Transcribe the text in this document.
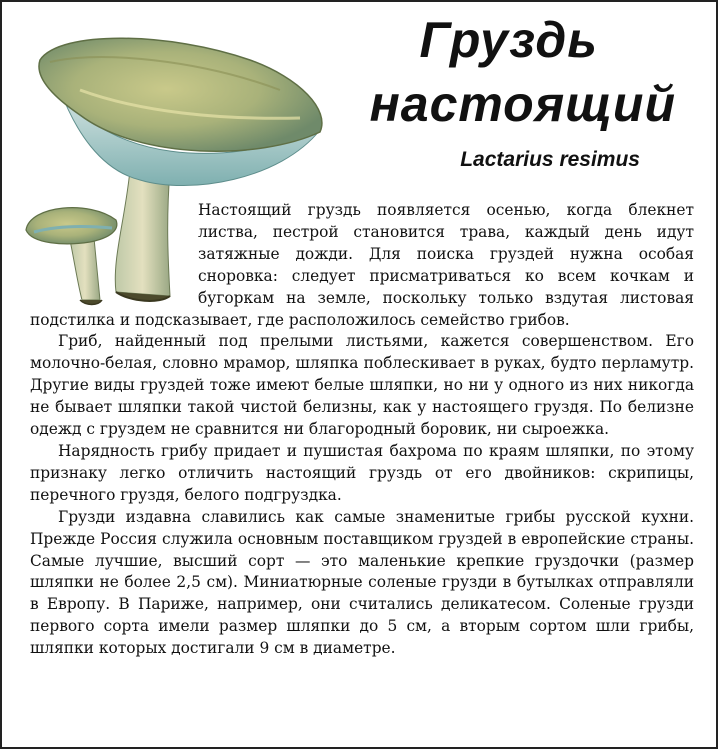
Груздь
настоящий
Lactarius resimus

Настоящий груздь появляется осенью, когда блекнет листва, пестрой становится трава, каждый день идут затяжные дожди. Для поиска груздей нужна особая сноровка: следует присматриваться ко всем кочкам и бугоркам на земле, поскольку только вздутая листовая подстилка и подсказывает, где расположилось семейство грибов.

Гриб, найденный под прелыми листьями, кажется совершенством. Его молочно-белая, словно мрамор, шляпка поблескивает в руках, будто перламутр. Другие виды груздей тоже имеют белые шляпки, но ни у одного из них никогда не бывает шляпки такой чистой белизны, как у настоящего груздя. По белизне одежд с груздем не сравнится ни благородный боровик, ни сыроежка.

Нарядность грибу придает и пушистая бахрома по краям шляпки, по этому признаку легко отличить настоящий груздь от его двойников: скрипицы, перечного груздя, белого подгруздка.

Грузди издавна славились как самые знаменитые грибы русской кухни. Прежде Россия служила основным поставщиком груздей в европейские страны. Самые лучшие, высший сорт — это маленькие крепкие груздочки (размер шляпки не более 2,5 см). Миниатюрные соленые грузди в бутылках отправляли в Европу. В Париже, например, они считались деликатесом. Соленые грузди первого сорта имели размер шляпки до 5 см, а вторым сортом шли грибы, шляпки которых достигали 9 см в диаметре.
